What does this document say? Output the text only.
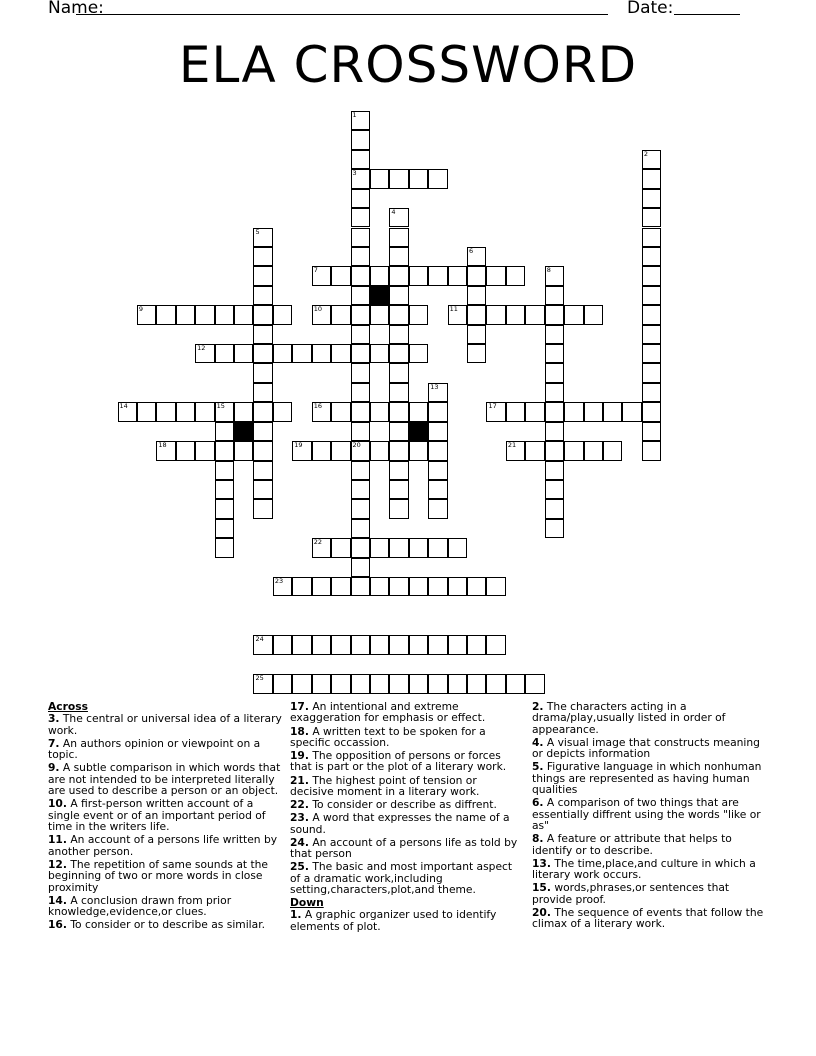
Name:	Date:
ELA CROSSWORD
3
7
9	10	11
12
14	15	16	17
18	19	20	21
22
23
24
25
1
2
4
5
6
8
13
Across
3. The central or universal idea of a literary work.
7. An authors opinion or viewpoint on a topic.
9. A subtle comparison in which words that are not intended to be interpreted literally are used to describe a person or an object.
10. A first-person written account of a single event or of an important period of time in the writers life.
11. An account of a persons life written by another person.
12. The repetition of same sounds at the beginning of two or more words in close proximity
14. A conclusion drawn from prior knowledge,evidence,or clues.
16. To consider or to describe as similar.
17. An intentional and extreme exaggeration for emphasis or effect.
18. A written text to be spoken for a specific occassion.
19. The opposition of persons or forces that is part or the plot of a literary work.
21. The highest point of tension or decisive moment in a literary work.
22. To consider or describe as diffrent.
23. A word that expresses the name of a sound.
24. An account of a persons life as told by that person
25. The basic and most important aspect of a dramatic work,including setting,characters,plot,and theme.
Down
1. A graphic organizer used to identify elements of plot.
2. The characters acting in a drama/play,usually listed in order of appearance.
4. A visual image that constructs meaning or depicts information
5. Figurative language in which nonhuman things are represented as having human qualities
6. A comparison of two things that are essentially diffrent using the words "like or as"
8. A feature or attribute that helps to identify or to describe.
13. The time,place,and culture in which a literary work occurs.
15. words,phrases,or sentences that provide proof.
20. The sequence of events that follow the climax of a literary work.
